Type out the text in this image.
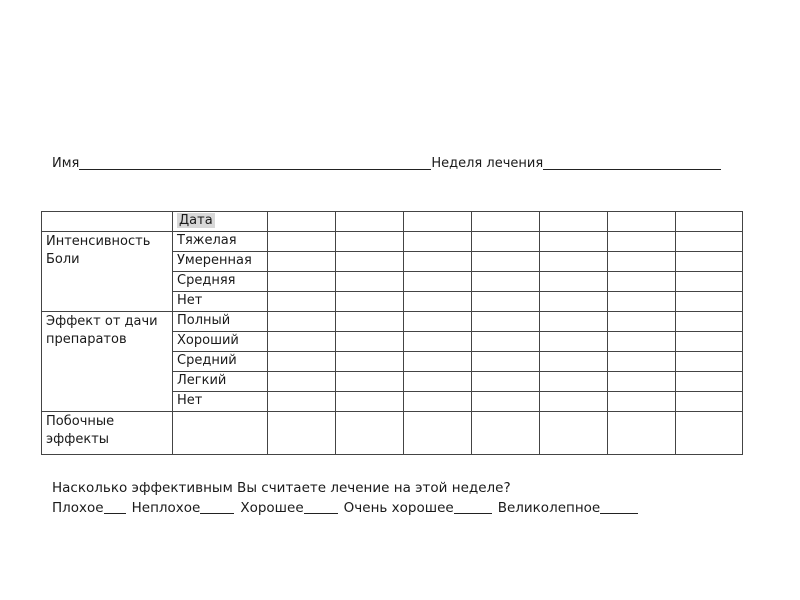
Имя	Неделя лечения
	Дата							
Интенсивность Боли	Тяжелая							
	Умеренная							
	Средняя							
	Нет							
Эффект от дачи препаратов	Полный							
	Хороший							
	Средний							
	Легкий							
	Нет							
Побочные эффекты								
Насколько эффективным Вы считаете лечение на этой неделе?
Плохое Неплохое	Хорошее	Очень хорошее	Великолепное
